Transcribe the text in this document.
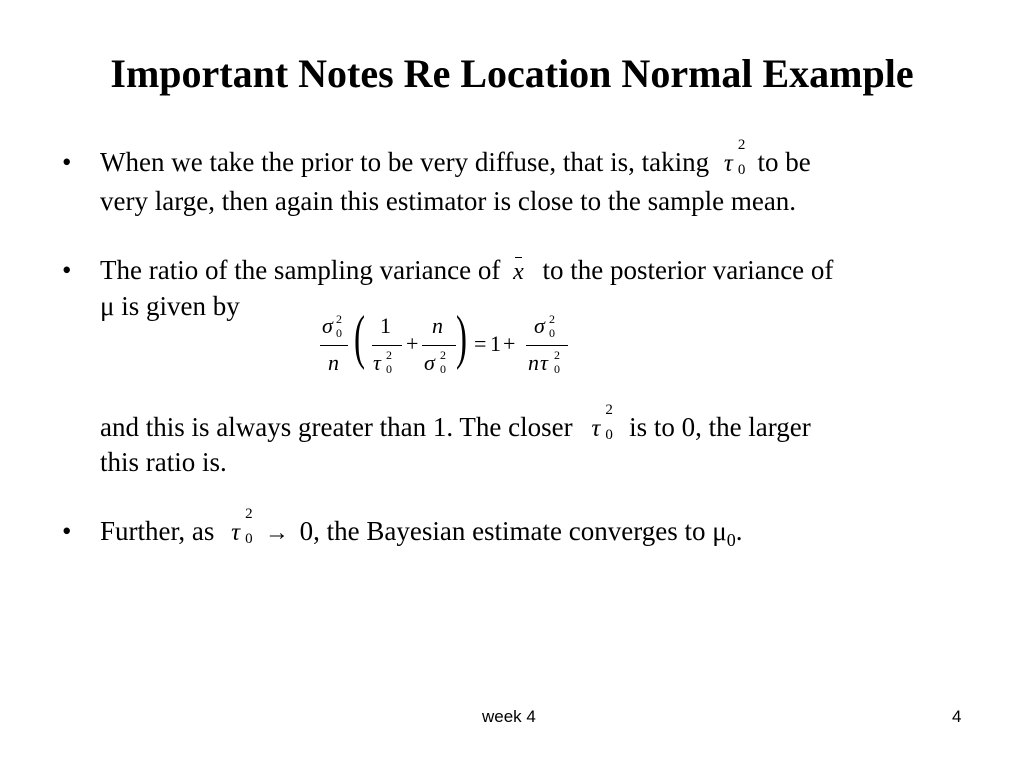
Important Notes Re Location Normal Example
• When we take the prior to be very diffuse, that is, taking τ
2
0 to be
very large, then again this estimator is close to the sample mean.
• The ratio of the sampling variance of x to the posterior variance of
μ is given by
σ 2
0
n ( 1
τ 2
0
+
n
σ 2
0 ) = 1 +
σ 2
0
n τ 2
0
and this is always greater than 1. The closer τ
2
0 is to 0, the larger
this ratio is.
• Further, as τ
2
0 → 0, the Bayesian estimate converges to $\mu_0$.
week 4	4
